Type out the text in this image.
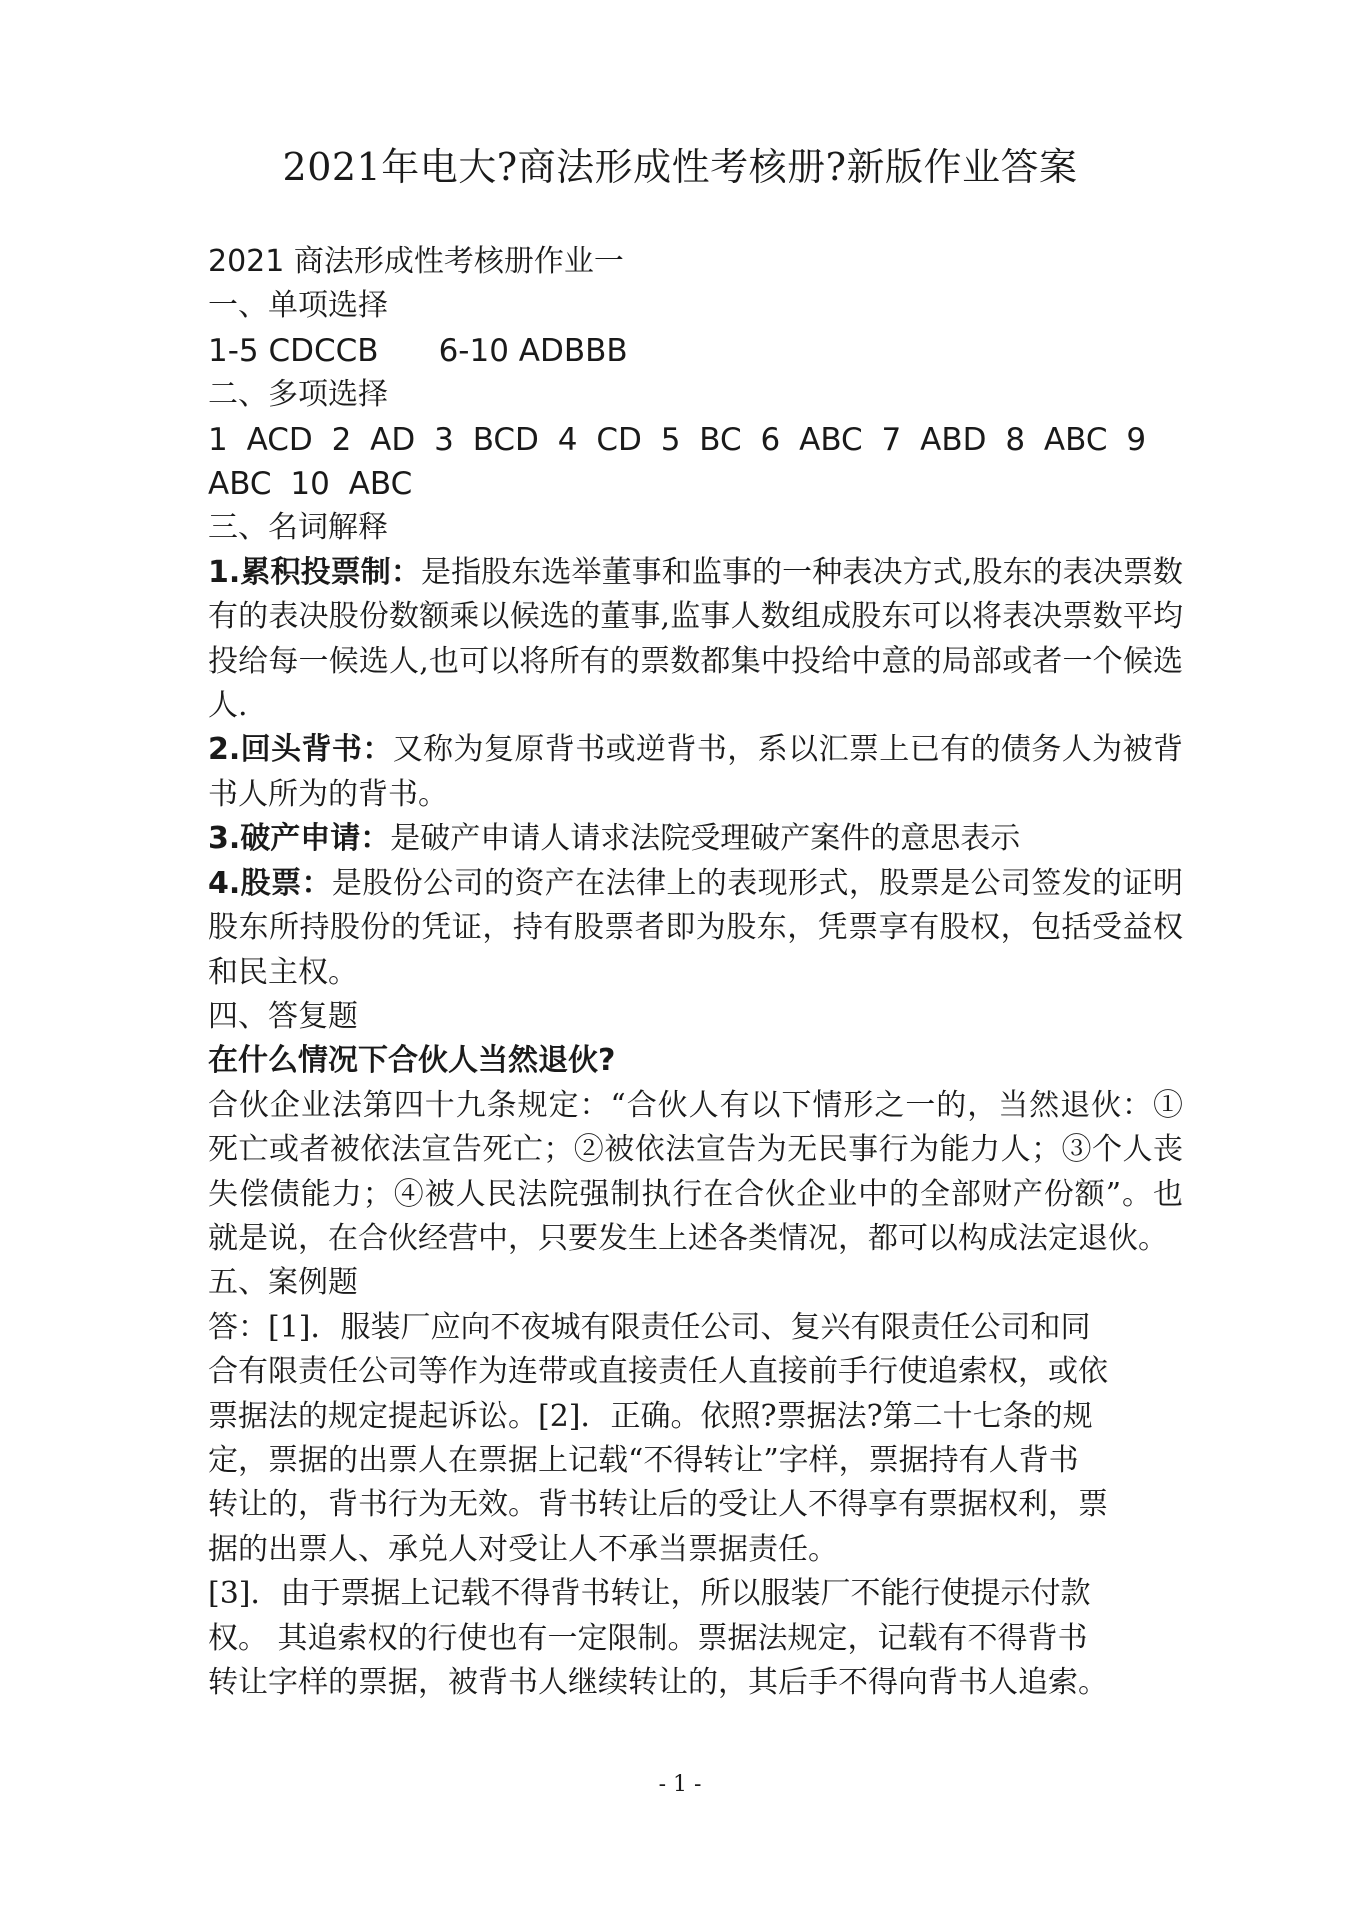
2021年电大?商法形成性考核册?新版作业答案

2021 商法形成性考核册作业一

一、单项选择

1-5 CDCCB 6-10 ADBBB

二、多项选择

1 ACD 2 AD 3 BCD 4 CD 5 BC 6 ABC 7 ABD 8 ABC 9 ABC 10 ABC

三、名词解释

1.累积投票制：是指股东选举董事和监事的一种表决方式,股东的表决票数有的表决股份数额乘以候选的董事,监事人数组成股东可以将表决票数平均投给每一候选人,也可以将所有的票数都集中投给中意的局部或者一个候选人.

2.回头背书：又称为复原背书或逆背书，系以汇票上已有的债务人为被背书人所为的背书。

3.破产申请：是破产申请人请求法院受理破产案件的意思表示

4.股票：是股份公司的资产在法律上的表现形式，股票是公司签发的证明股东所持股份的凭证，持有股票者即为股东，凭票享有股权，包括受益权和民主权。

四、答复题

在什么情况下合伙人当然退伙?

合伙企业法第四十九条规定：“合伙人有以下情形之一的，当然退伙：①死亡或者被依法宣告死亡；②被依法宣告为无民事行为能力人；③个人丧失偿债能力；④被人民法院强制执行在合伙企业中的全部财产份额”。也就是说，在合伙经营中，只要发生上述各类情况，都可以构成法定退伙。

五、案例题

答：[1]．服装厂应向不夜城有限责任公司、复兴有限责任公司和同

合有限责任公司等作为连带或直接责任人直接前手行使追索权，或依

票据法的规定提起诉讼。[2]．正确。依照?票据法?第二十七条的规

定，票据的出票人在票据上记载“不得转让”字样，票据持有人背书

转让的，背书行为无效。背书转让后的受让人不得享有票据权利，票

据的出票人、承兑人对受让人不承当票据责任。

[3]．由于票据上记载不得背书转让，所以服装厂不能行使提示付款

权。 其追索权的行使也有一定限制。票据法规定，记载有不得背书

转让字样的票据，被背书人继续转让的，其后手不得向背书人追索。

- 1 -
